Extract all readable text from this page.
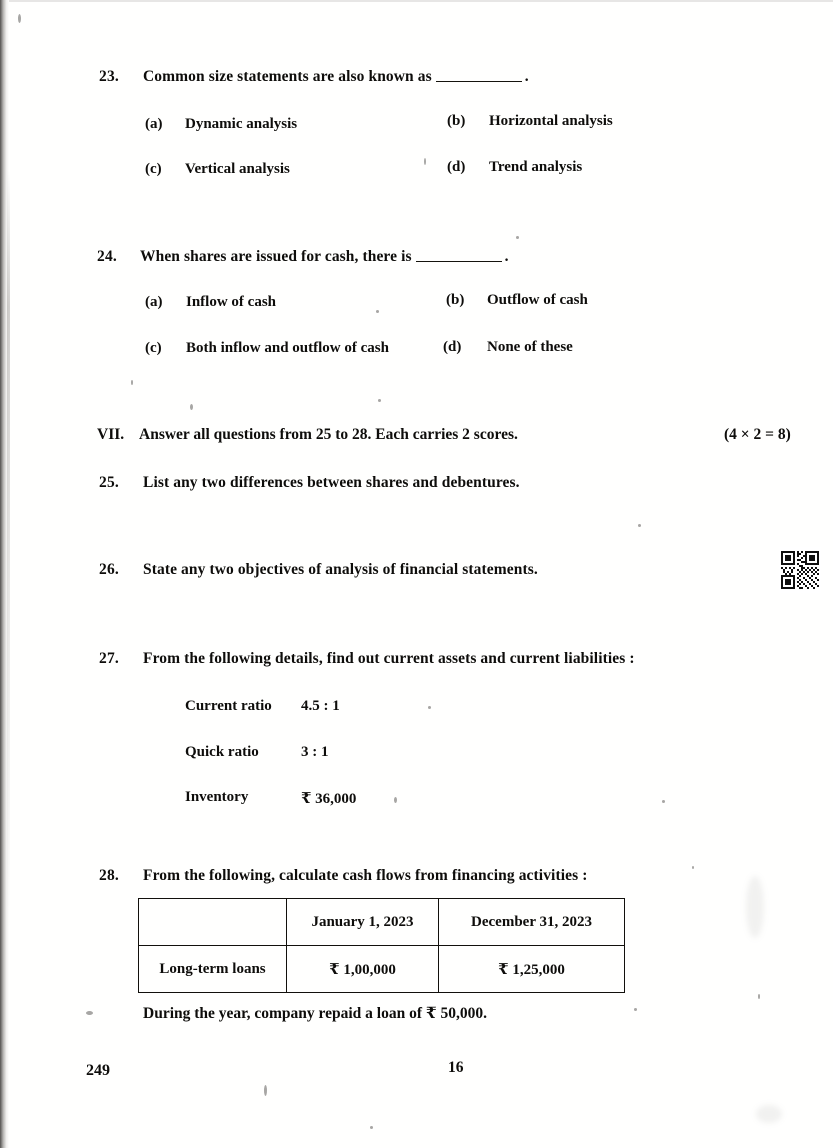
23. Common size statements are also known as	.
(a) Dynamic analysis	(b) Horizontal analysis
(c) Vertical analysis	(d) Trend analysis
24. When shares are issued for cash, there is	.
(a) Inflow of cash	(b) Outflow of cash
(c) Both inflow and outflow of cash	(d) None of these
VII. Answer all questions from 25 to 28. Each carries 2 scores.	(4 × 2 = 8)
25. List any two differences between shares and debentures.
26. State any two objectives of analysis of financial statements.
27. From the following details, find out current assets and current liabilities :
Current ratio 4.5 : 1
Quick ratio	3 : 1
Inventory	₹ 36,000
28. From the following, calculate cash flows from financing activities :
	January 1, 2023	December 31, 2023
Long-term loans	₹ 1,00,000	₹ 1,25,000
During the year, company repaid a loan of ₹ 50,000.
249	16
